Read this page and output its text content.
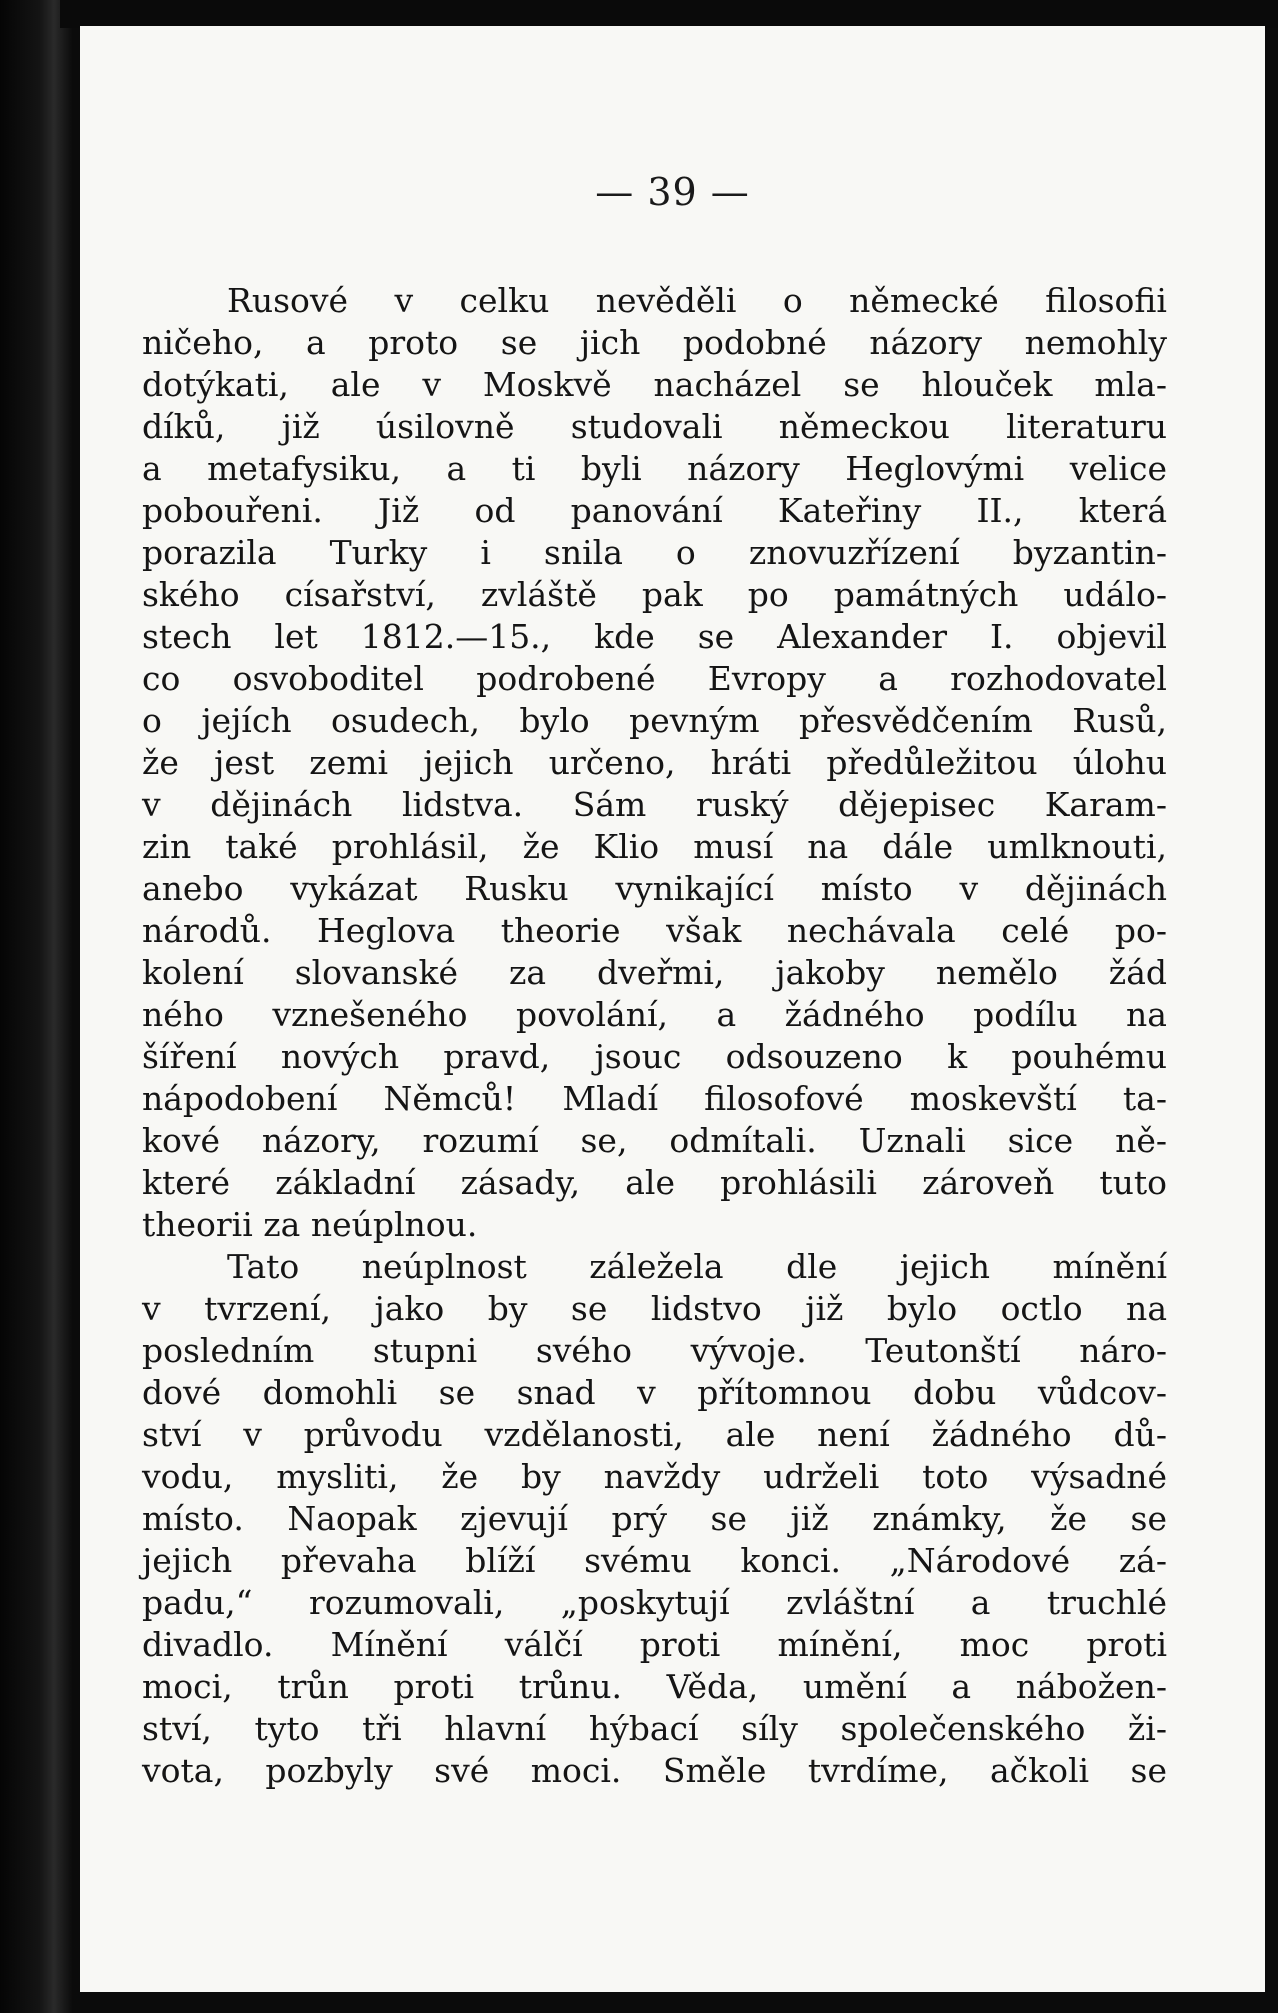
— 39 —
Rusové v celku nevěděli o německé filosofii
ničeho, a proto se jich podobné názory nemohly
dotýkati, ale v Moskvě nacházel se hlouček mla-
díků, již úsilovně studovali německou literaturu
a metafysiku, a ti byli názory Heglovými velice
pobouřeni. Již od panování Kateřiny II., která
porazila Turky i snila o znovuzřízení byzantin-
ského císařství, zvláště pak po památných událo-
stech let 1812.—15., kde se Alexander I. objevil
co osvoboditel podrobené Evropy a rozhodovatel
o jejích osudech, bylo pevným přesvědčením Rusů,
že jest zemi jejich určeno, hráti předůležitou úlohu
v dějinách lidstva. Sám ruský dějepisec Karam-
zin také prohlásil, že Klio musí na dále umlknouti,
anebo vykázat Rusku vynikající místo v dějinách
národů. Heglova theorie však nechávala celé po-
kolení slovanské za dveřmi, jakoby nemělo žád
ného vznešeného povolání, a žádného podílu na
šíření nových pravd, jsouc odsouzeno k pouhému
nápodobení Němců! Mladí filosofové moskevští ta-
kové názory, rozumí se, odmítali. Uznali sice ně-
které základní zásady, ale prohlásili zároveň tuto
theorii za neúplnou.
Tato neúplnost záležela dle jejich mínění
v tvrzení, jako by se lidstvo již bylo octlo na
posledním stupni svého vývoje. Teutonští náro-
dové domohli se snad v přítomnou dobu vůdcov-
ství v průvodu vzdělanosti, ale není žádného dů-
vodu, mysliti, že by navždy udrželi toto výsadné
místo. Naopak zjevují prý se již známky, že se
jejich převaha blíží svému konci. „Národové zá-
padu,“ rozumovali, „poskytují zvláštní a truchlé
divadlo. Mínění válčí proti mínění, moc proti
moci, trůn proti trůnu. Věda, umění a nábožen-
ství, tyto tři hlavní hýbací síly společenského ži-
vota, pozbyly své moci. Směle tvrdíme, ačkoli se
